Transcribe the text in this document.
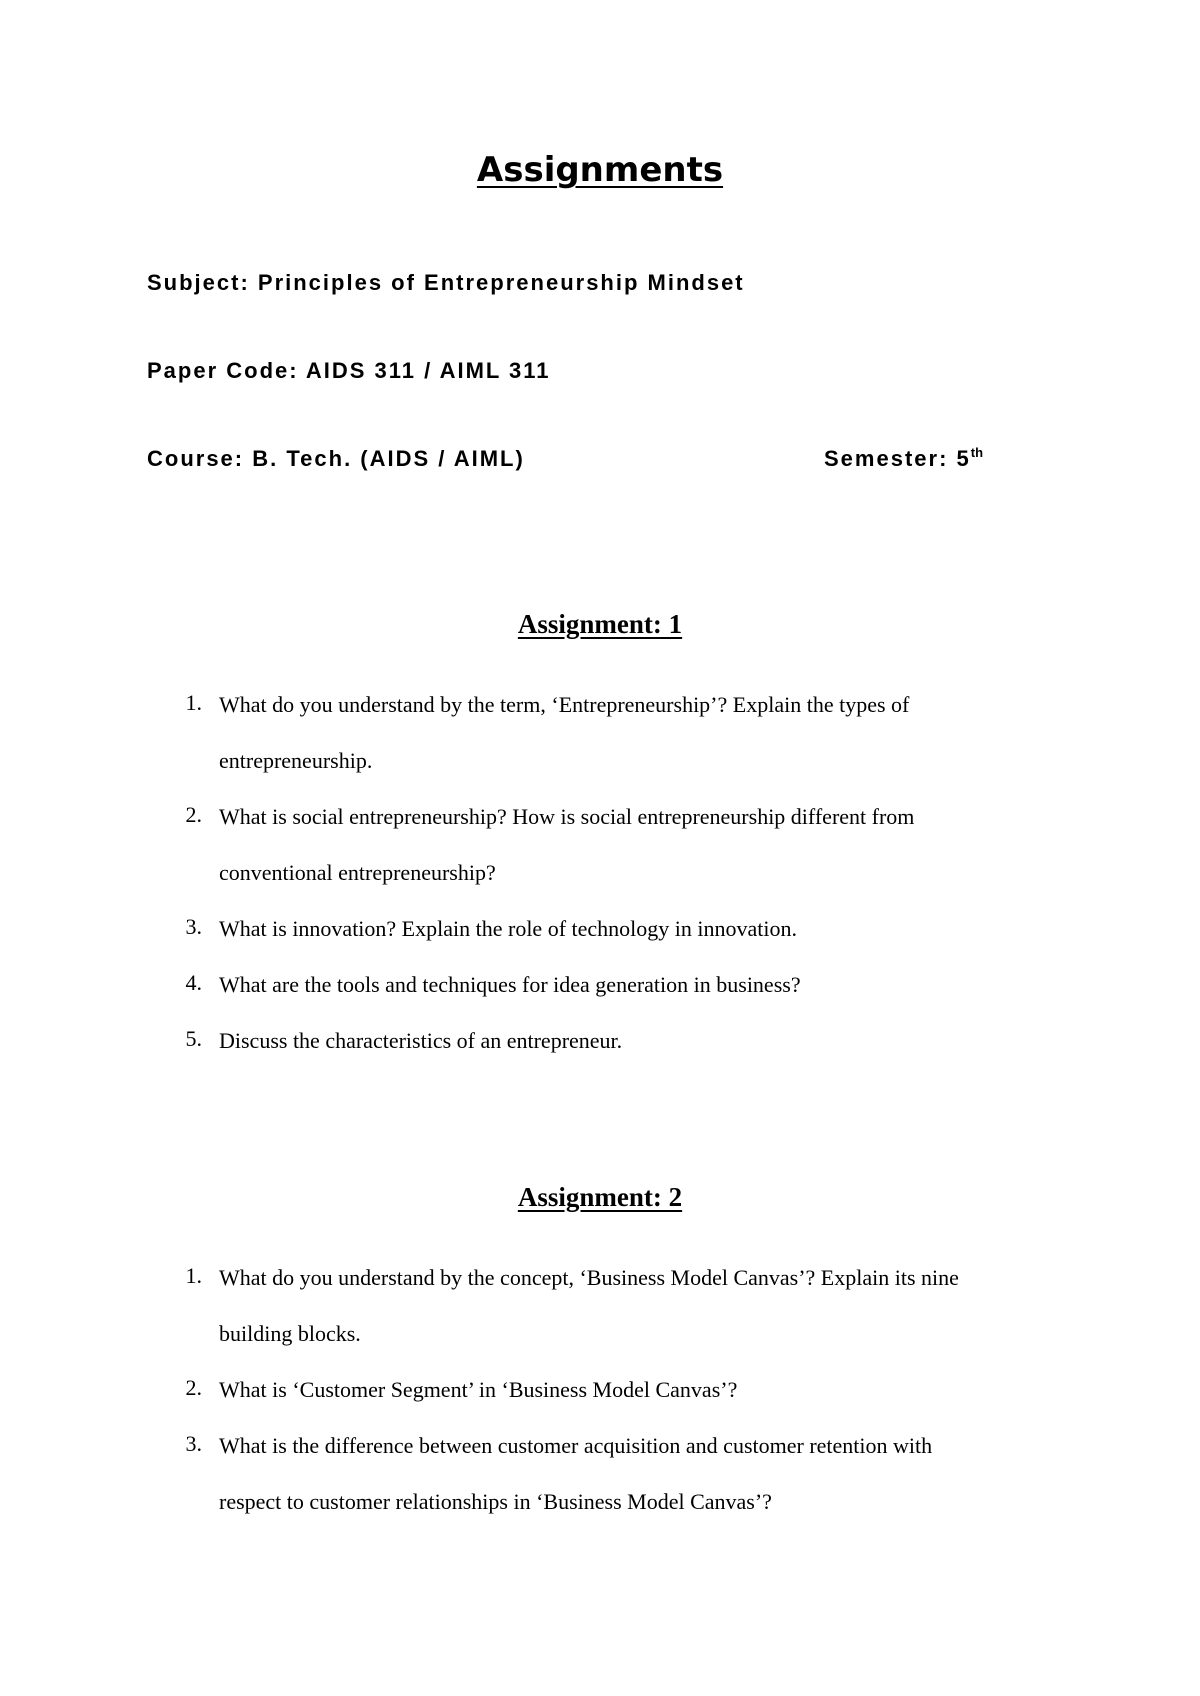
Assignments
Subject: Principles of Entrepreneurship Mindset
Paper Code: AIDS 311 / AIML 311
Course: B. Tech. (AIDS / AIML)	Semester: 5th
Assignment: 1
1. What do you understand by the term, ‘Entrepreneurship’? Explain the types of
entrepreneurship.
2. What is social entrepreneurship? How is social entrepreneurship different from
conventional entrepreneurship?
3. What is innovation? Explain the role of technology in innovation.
4. What are the tools and techniques for idea generation in business?
5. Discuss the characteristics of an entrepreneur.
Assignment: 2
1. What do you understand by the concept, ‘Business Model Canvas’? Explain its nine
building blocks.
2. What is ‘Customer Segment’ in ‘Business Model Canvas’?
3. What is the difference between customer acquisition and customer retention with
respect to customer relationships in ‘Business Model Canvas’?
